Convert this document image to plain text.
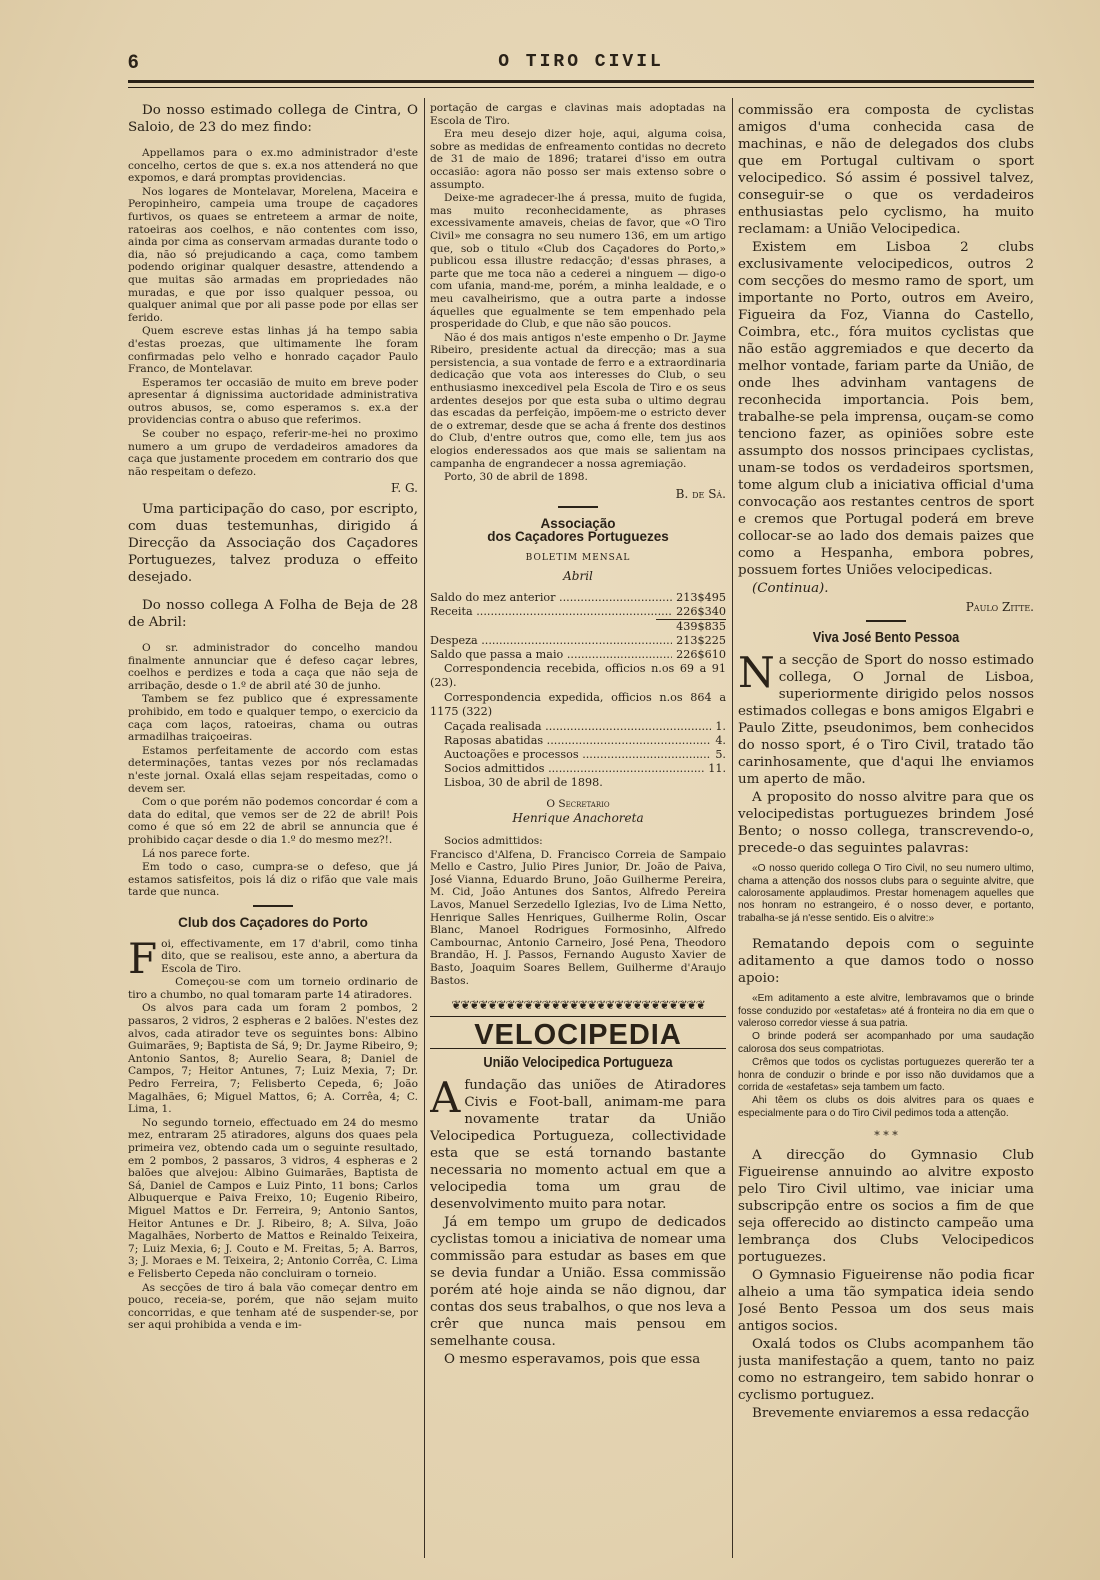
6	O TIRO CIVIL

Do nosso estimado collega de Cintra, O Saloio, de 23 do mez findo:

Appellamos para o ex.mo administrador d'este concelho, certos de que s. ex.a nos attenderá no que expomos, e dará promptas providencias.

Nos logares de Montelavar, Morelena, Maceira e Peropinheiro, campeia uma troupe de caçadores furtivos, os quaes se entreteem a armar de noite, ratoeiras aos coelhos, e não contentes com isso, ainda por cima as conservam armadas durante todo o dia, não só prejudicando a caça, como tambem podendo originar qualquer desastre, attendendo a que muitas são armadas em propriedades não muradas, e que por isso qualquer pessoa, ou qualquer animal que por ali passe pode por ellas ser ferido.

Quem escreve estas linhas já ha tempo sabia d'estas proezas, que ultimamente lhe foram confirmadas pelo velho e honrado caçador Paulo Franco, de Montelavar.

Esperamos ter occasião de muito em breve poder apresentar á dignissima auctoridade administrativa outros abusos, se, como esperamos s. ex.a der providencias contra o abuso que referimos.

Se couber no espaço, referir-me-hei no proximo numero a um grupo de verdadeiros amadores da caça que justamente procedem em contrario dos que não respeitam o defezo.

F. G.

Uma participação do caso, por escripto, com duas testemunhas, dirigido á Direcção da Associação dos Caçadores Portuguezes, talvez produza o effeito desejado.

Do nosso collega A Folha de Beja de 28 de Abril:

O sr. administrador do concelho mandou finalmente annunciar que é defeso caçar lebres, coelhos e perdizes e toda a caça que não seja de arribação, desde o 1.º de abril até 30 de junho.

Tambem se fez publico que é expressamente prohibido, em todo e qualquer tempo, o exercicio da caça com laços, ratoeiras, chama ou outras armadilhas traiçoeiras.

Estamos perfeitamente de accordo com estas determinações, tantas vezes por nós reclamadas n'este jornal. Oxalá ellas sejam respeitadas, como o devem ser.

Com o que porém não podemos concordar é com a data do edital, que vemos ser de 22 de abril! Pois como é que só em 22 de abril se annuncia que é prohibido caçar desde o dia 1.º do mesmo mez?!.

Lá nos parece forte.

Em todo o caso, cumpra-se o defeso, que já estamos satisfeitos, pois lá diz o rifão que vale mais tarde que nunca.

Club dos Caçadores do Porto

Foi, effectivamente, em 17 d'abril, como tinha dito, que se realisou, este anno, a abertura da Escola de Tiro.

Começou-se com um torneio ordinario de tiro a chumbo, no qual tomaram parte 14 atiradores.

Os alvos para cada um foram 2 pombos, 2 passaros, 2 vidros, 2 espheras e 2 balões. N'estes dez alvos, cada atirador teve os seguintes bons: Albino Guimarães, 9; Baptista de Sá, 9; Dr. Jayme Ribeiro, 9; Antonio Santos, 8; Aurelio Seara, 8; Daniel de Campos, 7; Heitor Antunes, 7; Luiz Mexia, 7; Dr. Pedro Ferreira, 7; Felisberto Cepeda, 6; João Magalhães, 6; Miguel Mattos, 6; A. Corrêa, 4; C. Lima, 1.

No segundo torneio, effectuado em 24 do mesmo mez, entraram 25 atiradores, alguns dos quaes pela primeira vez, obtendo cada um o seguinte resultado, em 2 pombos, 2 passaros, 3 vidros, 4 espheras e 2 balões que alvejou: Albino Guimarães, Baptista de Sá, Daniel de Campos e Luiz Pinto, 11 bons; Carlos Albuquerque e Paiva Freixo, 10; Eugenio Ribeiro, Miguel Mattos e Dr. Ferreira, 9; Antonio Santos, Heitor Antunes e Dr. J. Ribeiro, 8; A. Silva, João Magalhães, Norberto de Mattos e Reinaldo Teixeira, 7; Luiz Mexia, 6; J. Couto e M. Freitas, 5; A. Barros, 3; J. Moraes e M. Teixeira, 2; Antonio Corrêa, C. Lima e Felisberto Cepeda não concluiram o torneio.

As secções de tiro á bala vão começar dentro em pouco, receia-se, porém, que não sejam muito concorridas, e que tenham até de suspender-se, por ser aqui prohibida a venda e im-

portação de cargas e clavinas mais adoptadas na Escola de Tiro.

Era meu desejo dizer hoje, aqui, alguma coisa, sobre as medidas de enfreamento contidas no decreto de 31 de maio de 1896; tratarei d'isso em outra occasião: agora não posso ser mais extenso sobre o assumpto.

Deixe-me agradecer-lhe á pressa, muito de fugida, mas muito reconhecidamente, as phrases excessivamente amaveis, cheias de favor, que «O Tiro Civil» me consagra no seu numero 136, em um artigo que, sob o titulo «Club dos Caçadores do Porto,» publicou essa illustre redacção; d'essas phrases, a parte que me toca não a cederei a ninguem — digo-o com ufania, mand-me, porém, a minha lealdade, e o meu cavalheirismo, que a outra parte a indosse áquelles que egualmente se tem empenhado pela prosperidade do Club, e que não são poucos.

Não é dos mais antigos n'este empenho o Dr. Jayme Ribeiro, presidente actual da direcção; mas a sua persistencia, a sua vontade de ferro e a extraordinaria dedicação que vota aos interesses do Club, o seu enthusiasmo inexcedivel pela Escola de Tiro e os seus ardentes desejos por que esta suba o ultimo degrau das escadas da perfeição, impõem-me o estricto dever de o extremar, desde que se acha á frente dos destinos do Club, d'entre outros que, como elle, tem jus aos elogios enderessados aos que mais se salientam na campanha de engrandecer a nossa agremiação.

Porto, 30 de abril de 1898.

B. de Sá.
Associação
dos Caçadores Portuguezes
BOLETIM MENSAL
Abril
Saldo do mez anterior .....	213$495
Receita .....	226$340
439$835
Despeza .....	213$225
Saldo que passa a maio .....	226$610

Correspondencia recebida, officios n.os 69 a 91 (23).

Correspondencia expedida, officios n.os 864 a 1175 (322)

Caçada realisada .....	1.
Raposas abatidas .....	4.
Auctoações e processos .....	5.
Socios admittidos .....	11.

Lisboa, 30 de abril de 1898.

O Secretario
Henrique Anachoreta

Socios admittidos:

Francisco d'Alfena, D. Francisco Correia de Sampaio Mello e Castro, Julio Pires Junior, Dr. João de Paiva, José Vianna, Eduardo Bruno, João Guilherme Pereira, M. Cid, João Antunes dos Santos, Alfredo Pereira Lavos, Manuel Serzedello Iglezias, Ivo de Lima Netto, Henrique Salles Henriques, Guilherme Rolin, Oscar Blanc, Manoel Rodrigues Formosinho, Alfredo Cambournac, Antonio Carneiro, José Pena, Theodoro Brandão, H. J. Passos, Fernando Augusto Xavier de Basto, Joaquim Soares Bellem, Guilherme d'Araujo Bastos.

❦❦❦❦❦❦❦❦❦❦❦❦❦❦❦❦❦❦❦❦❦❦❦❦❦❦❦❦
VELOCIPEDIA
União Velocipedica Portugueza

Afundação das uniões de Atiradores Civis e Foot-ball, animam-me para novamente tratar da União Velocipedica Portugueza, collectividade esta que se está tornando bastante necessaria no momento actual em que a velocipedia toma um grau de desenvolvimento muito para notar.

Já em tempo um grupo de dedicados cyclistas tomou a iniciativa de nomear uma commissão para estudar as bases em que se devia fundar a União. Essa commissão porém até hoje ainda se não dignou, dar contas dos seus trabalhos, o que nos leva a crêr que nunca mais pensou em semelhante cousa.

O mesmo esperavamos, pois que essa

commissão era composta de cyclistas amigos d'uma conhecida casa de machinas, e não de delegados dos clubs que em Portugal cultivam o sport velocipedico. Só assim é possivel talvez, conseguir-se o que os verdadeiros enthusiastas pelo cyclismo, ha muito reclamam: a União Velocipedica.

Existem em Lisboa 2 clubs exclusivamente velocipedicos, outros 2 com secções do mesmo ramo de sport, um importante no Porto, outros em Aveiro, Figueira da Foz, Vianna do Castello, Coimbra, etc., fóra muitos cyclistas que não estão aggremiados e que decerto da melhor vontade, fariam parte da União, de onde lhes advinham vantagens de reconhecida importancia. Pois bem, trabalhe-se pela imprensa, ouçam-se como tenciono fazer, as opiniões sobre este assumpto dos nossos principaes cyclistas, unam-se todos os verdadeiros sportsmen, tome algum club a iniciativa official d'uma convocação aos restantes centros de sport e cremos que Portugal poderá em breve collocar-se ao lado dos demais paizes que como a Hespanha, embora pobres, possuem fortes Uniões velocipedicas.

(Continua).

Paulo Zitte.
Viva José Bento Pessoa

Na secção de Sport do nosso estimado collega, O Jornal de Lisboa, superiormente dirigido pelos nossos estimados collegas e bons amigos Elgabri e Paulo Zitte, pseudonimos, bem conhecidos do nosso sport, é o Tiro Civil, tratado tão carinhosamente, que d'aqui lhe enviamos um aperto de mão.

A proposito do nosso alvitre para que os velocipedistas portuguezes brindem José Bento; o nosso collega, transcrevendo-o, precede-o das seguintes palavras:

«O nosso querido collega O Tiro Civil, no seu numero ultimo, chama a attenção dos nossos clubs para o seguinte alvitre, que calorosamente applaudimos. Prestar homenagem aquelles que nos honram no estrangeiro, é o nosso dever, e portanto, trabalha-se já n'esse sentido. Eis o alvitre:»

Rematando depois com o seguinte aditamento a que damos todo o nosso apoio:

«Em aditamento a este alvitre, lembravamos que o brinde fosse conduzido por «estafetas» até á fronteira no dia em que o valeroso corredor viesse á sua patria.

O brinde poderá ser acompanhado por uma saudação calorosa dos seus compatriotas.

Crêmos que todos os cyclistas portuguezes quererão ter a honra de conduzir o brinde e por isso não duvidamos que a corrida de «estafetas» seja tambem um facto.

Ahi têem os clubs os dois alvitres para os quaes e especialmente para o do Tiro Civil pedimos toda a attenção.

* * *

A direcção do Gymnasio Club Figueirense annuindo ao alvitre exposto pelo Tiro Civil ultimo, vae iniciar uma subscripção entre os socios a fim de que seja offerecido ao distincto campeão uma lembrança dos Clubs Velocipedicos portuguezes.

O Gymnasio Figueirense não podia ficar alheio a uma tão sympatica ideia sendo José Bento Pessoa um dos seus mais antigos socios.

Oxalá todos os Clubs acompanhem tão justa manifestação a quem, tanto no paiz como no estrangeiro, tem sabido honrar o cyclismo portuguez.

Brevemente enviaremos a essa redacção
